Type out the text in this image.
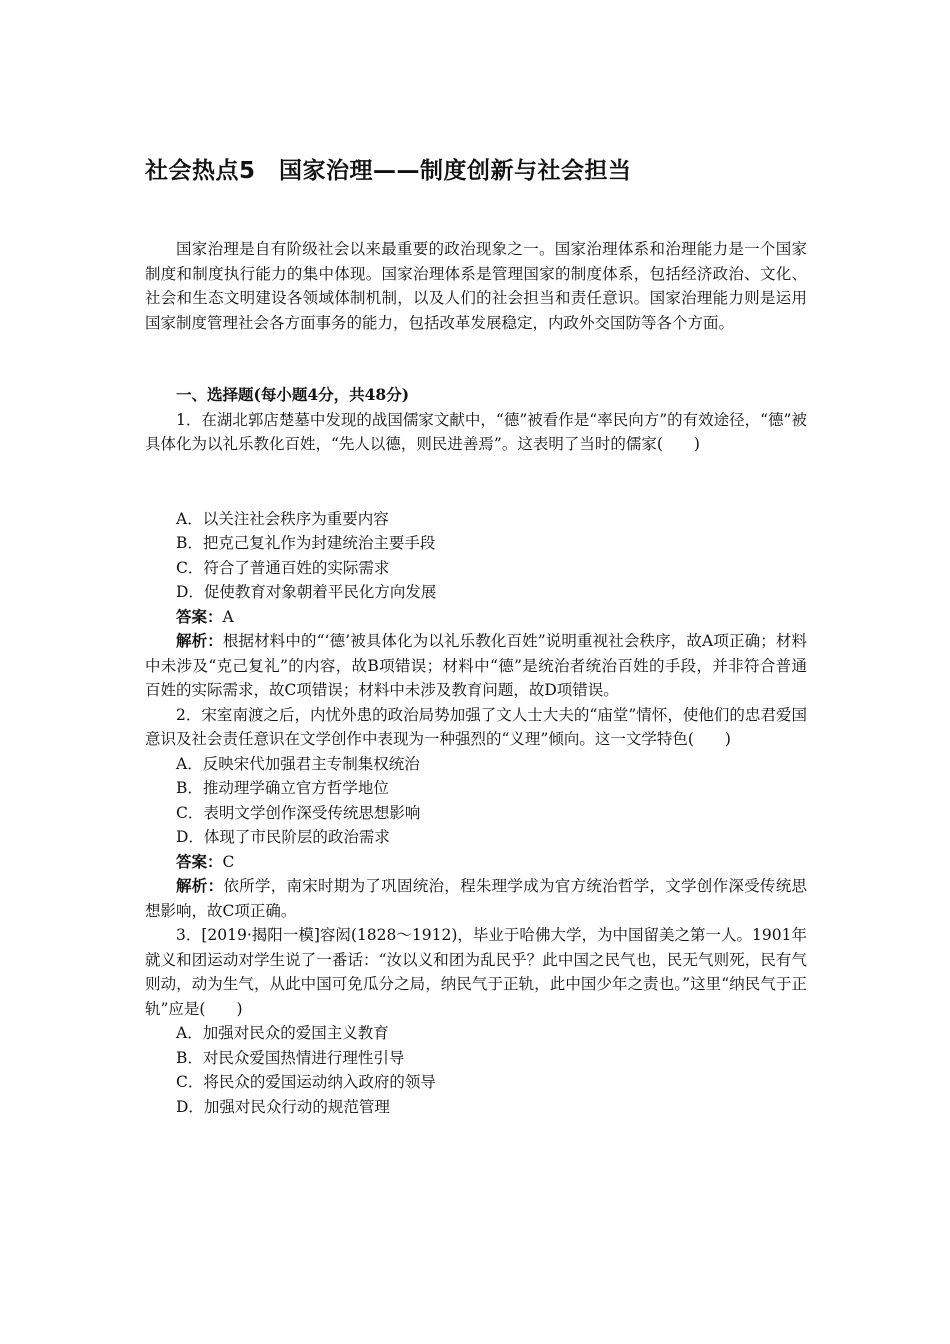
社会热点5　国家治理——制度创新与社会担当
国家治理是自有阶级社会以来最重要的政治现象之一。国家治理体系和治理能力是一个国家制度和制度执行能力的集中体现。国家治理体系是管理国家的制度体系，包括经济政治、文化、社会和生态文明建设各领域体制机制，以及人们的社会担当和责任意识。国家治理能力则是运用国家制度管理社会各方面事务的能力，包括改革发展稳定，内政外交国防等各个方面。

一、选择题(每小题4分，共48分)

1．在湖北郭店楚墓中发现的战国儒家文献中，“德”被看作是“率民向方”的有效途径，“德”被具体化为以礼乐教化百姓，“先人以德，则民进善焉”。这表明了当时的儒家(　　)

A．以关注社会秩序为重要内容

B．把克己复礼作为封建统治主要手段

C．符合了普通百姓的实际需求

D．促使教育对象朝着平民化方向发展

答案：A

解析：根据材料中的“‘德’被具体化为以礼乐教化百姓”说明重视社会秩序，故A项正确；材料中未涉及“克己复礼”的内容，故B项错误；材料中“德”是统治者统治百姓的手段，并非符合普通百姓的实际需求，故C项错误；材料中未涉及教育问题，故D项错误。

2．宋室南渡之后，内忧外患的政治局势加强了文人士大夫的“庙堂”情怀，使他们的忠君爱国意识及社会责任意识在文学创作中表现为一种强烈的“义理”倾向。这一文学特色(　　)

A．反映宋代加强君主专制集权统治

B．推动理学确立官方哲学地位

C．表明文学创作深受传统思想影响

D．体现了市民阶层的政治需求

答案：C

解析：依所学，南宋时期为了巩固统治，程朱理学成为官方统治哲学，文学创作深受传统思想影响，故C项正确。

3．[2019·揭阳一模]容闳(1828～1912)，毕业于哈佛大学，为中国留美之第一人。1901年就义和团运动对学生说了一番话：“汝以义和团为乱民乎？此中国之民气也，民无气则死，民有气则动，动为生气，从此中国可免瓜分之局，纳民气于正轨，此中国少年之责也。”这里“纳民气于正轨”应是(　　)

A．加强对民众的爱国主义教育

B．对民众爱国热情进行理性引导

C．将民众的爱国运动纳入政府的领导

D．加强对民众行动的规范管理
